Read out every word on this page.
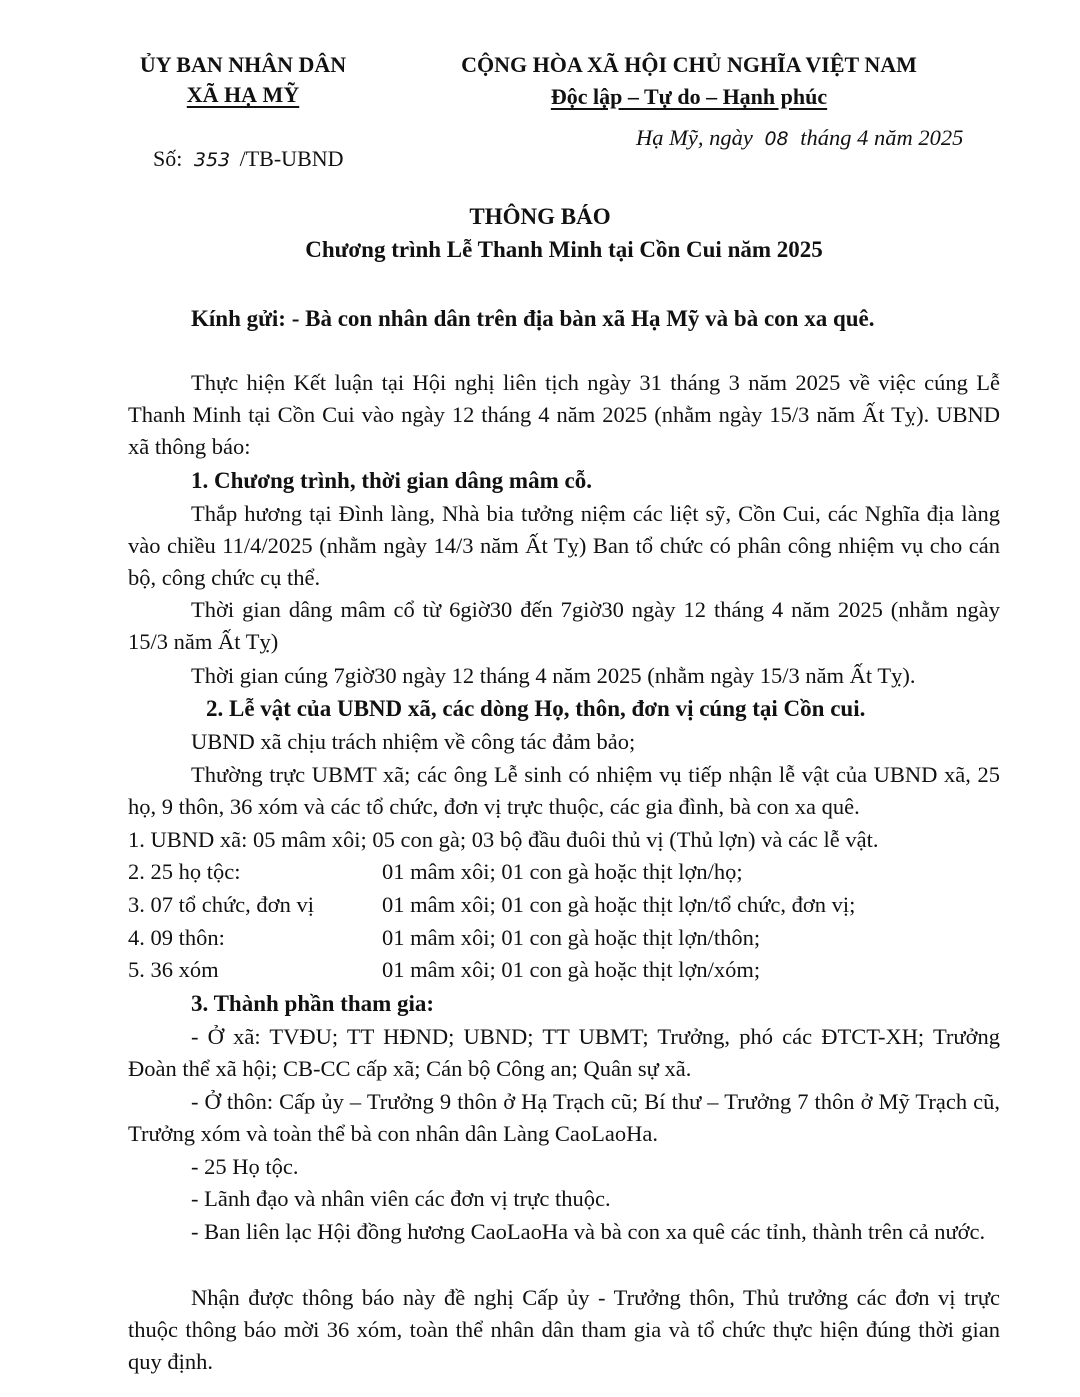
ỦY BAN NHÂN DÂN
XÃ HẠ MỸ
CỘNG HÒA XÃ HỘI CHỦ NGHĨA VIỆT NAM
Độc lập – Tự do – Hạnh phúc
Số: 353 /TB-UBND
Hạ Mỹ, ngày 08 tháng 4 năm 2025
THÔNG BÁO
Chương trình Lễ Thanh Minh tại Cồn Cui năm 2025
Kính gửi: - Bà con nhân dân trên địa bàn xã Hạ Mỹ và bà con xa quê.
Thực hiện Kết luận tại Hội nghị liên tịch ngày 31 tháng 3 năm 2025 về việc cúng Lễ Thanh Minh tại Cồn Cui vào ngày 12 tháng 4 năm 2025 (nhằm ngày 15/3 năm Ất Tỵ). UBND xã thông báo:
1. Chương trình, thời gian dâng mâm cỗ.
Thắp hương tại Đình làng, Nhà bia tưởng niệm các liệt sỹ, Cồn Cui, các Nghĩa địa làng vào chiều 11/4/2025 (nhằm ngày 14/3 năm Ất Tỵ) Ban tổ chức có phân công nhiệm vụ cho cán bộ, công chức cụ thể.
Thời gian dâng mâm cổ từ 6giờ30 đến 7giờ30 ngày 12 tháng 4 năm 2025 (nhằm ngày 15/3 năm Ất Tỵ)
Thời gian cúng 7giờ30 ngày 12 tháng 4 năm 2025 (nhằm ngày 15/3 năm Ất Tỵ).
2. Lễ vật của UBND xã, các dòng Họ, thôn, đơn vị cúng tại Cồn cui.
UBND xã chịu trách nhiệm về công tác đảm bảo;
Thường trực UBMT xã; các ông Lễ sinh có nhiệm vụ tiếp nhận lễ vật của UBND xã, 25 họ, 9 thôn, 36 xóm và các tổ chức, đơn vị trực thuộc, các gia đình, bà con xa quê.
1. UBND xã: 05 mâm xôi; 05 con gà; 03 bộ đầu đuôi thủ vị (Thủ lợn) và các lễ vật.
2. 25 họ tộc:	01 mâm xôi; 01 con gà hoặc thịt lợn/họ;
3. 07 tổ chức, đơn vị	01 mâm xôi; 01 con gà hoặc thịt lợn/tổ chức, đơn vị;
4. 09 thôn:	01 mâm xôi; 01 con gà hoặc thịt lợn/thôn;
5. 36 xóm	01 mâm xôi; 01 con gà hoặc thịt lợn/xóm;
3. Thành phần tham gia:
- Ở xã: TVĐU; TT HĐND; UBND; TT UBMT; Trưởng, phó các ĐTCT-XH; Trưởng Đoàn thể xã hội; CB-CC cấp xã; Cán bộ Công an; Quân sự xã.
- Ở thôn: Cấp ủy – Trưởng 9 thôn ở Hạ Trạch cũ; Bí thư – Trưởng 7 thôn ở Mỹ Trạch cũ, Trưởng xóm và toàn thể bà con nhân dân Làng CaoLaoHa.
- 25 Họ tộc.
- Lãnh đạo và nhân viên các đơn vị trực thuộc.
- Ban liên lạc Hội đồng hương CaoLaoHa và bà con xa quê các tỉnh, thành trên cả nước.
Nhận được thông báo này đề nghị Cấp ủy - Trưởng thôn, Thủ trưởng các đơn vị trực thuộc thông báo mời 36 xóm, toàn thể nhân dân tham gia và tổ chức thực hiện đúng thời gian quy định.
